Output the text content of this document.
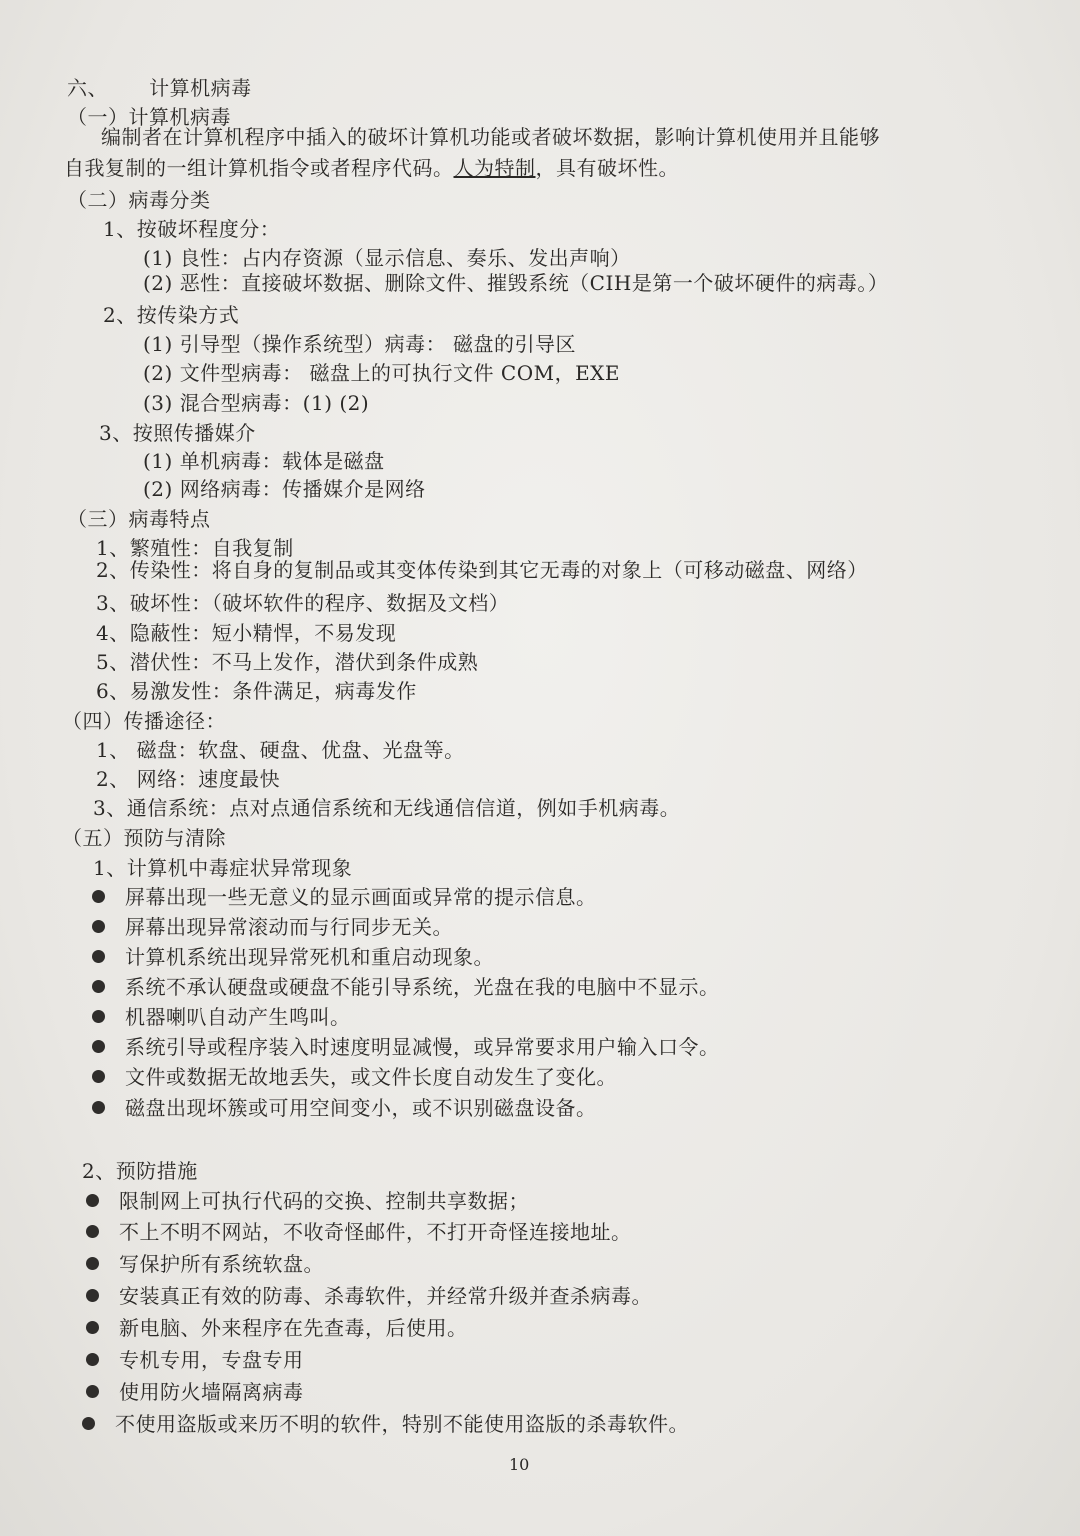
六、 计算机病毒
（一）计算机病毒
编制者在计算机程序中插入的破坏计算机功能或者破坏数据，影响计算机使用并且能够
自我复制的一组计算机指令或者程序代码。人为特制，具有破坏性。
（二）病毒分类
1、按破坏程度分：
(1) 良性：占内存资源（显示信息、奏乐、发出声响）
(2) 恶性：直接破坏数据、删除文件、摧毁系统（CIH是第一个破坏硬件的病毒。）
2、按传染方式
(1) 引导型（操作系统型）病毒： 磁盘的引导区
(2) 文件型病毒： 磁盘上的可执行文件 COM，EXE
(3) 混合型病毒：(1) (2)
3、按照传播媒介
(1) 单机病毒：载体是磁盘
(2) 网络病毒：传播媒介是网络
（三）病毒特点
1、繁殖性：自我复制
2、传染性：将自身的复制品或其变体传染到其它无毒的对象上（可移动磁盘、网络）
3、破坏性：（破坏软件的程序、数据及文档）
4、隐蔽性：短小精悍，不易发现
5、潜伏性：不马上发作，潜伏到条件成熟
6、易激发性：条件满足，病毒发作
（四）传播途径：
1、 磁盘：软盘、硬盘、优盘、光盘等。
2、 网络：速度最快
3、通信系统：点对点通信系统和无线通信信道，例如手机病毒。
（五）预防与清除
1、计算机中毒症状异常现象
屏幕出现一些无意义的显示画面或异常的提示信息。
屏幕出现异常滚动而与行同步无关。
计算机系统出现异常死机和重启动现象。
系统不承认硬盘或硬盘不能引导系统，光盘在我的电脑中不显示。
机器喇叭自动产生鸣叫。
系统引导或程序装入时速度明显减慢，或异常要求用户输入口令。
文件或数据无故地丢失，或文件长度自动发生了变化。
磁盘出现坏簇或可用空间变小，或不识别磁盘设备。
2、预防措施
限制网上可执行代码的交换、控制共享数据；
不上不明不网站，不收奇怪邮件，不打开奇怪连接地址。
写保护所有系统软盘。
安装真正有效的防毒、杀毒软件，并经常升级并查杀病毒。
新电脑、外来程序在先查毒，后使用。
专机专用，专盘专用
使用防火墙隔离病毒
不使用盗版或来历不明的软件，特别不能使用盗版的杀毒软件。
10
